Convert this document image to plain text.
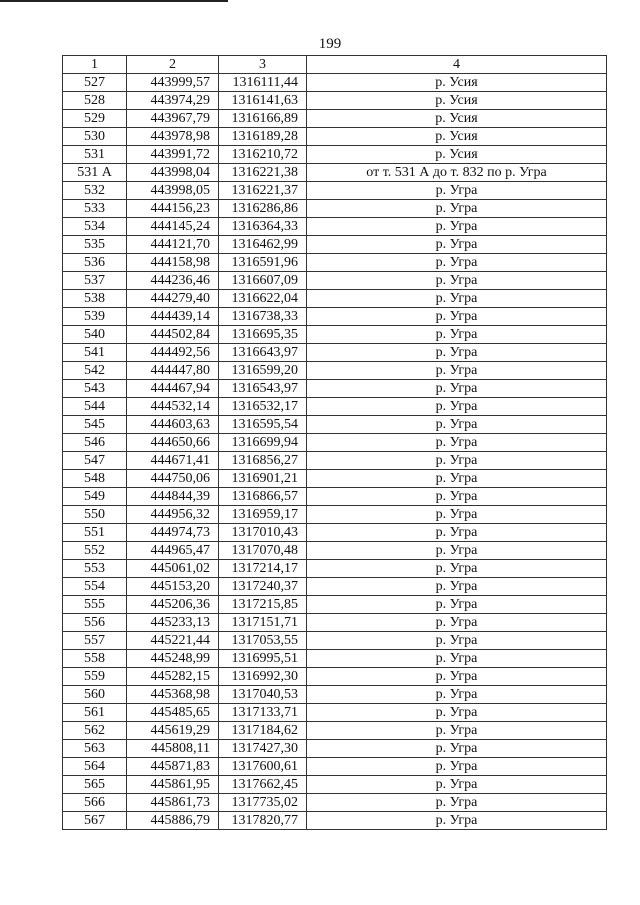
199
1	2	3	4
527	443999,57	1316111,44	р. Усия
528	443974,29	1316141,63	р. Усия
529	443967,79	1316166,89	р. Усия
530	443978,98	1316189,28	р. Усия
531	443991,72	1316210,72	р. Усия
531 А	443998,04	1316221,38	от т. 531 А до т. 832 по р. Угра
532	443998,05	1316221,37	р. Угра
533	444156,23	1316286,86	р. Угра
534	444145,24	1316364,33	р. Угра
535	444121,70	1316462,99	р. Угра
536	444158,98	1316591,96	р. Угра
537	444236,46	1316607,09	р. Угра
538	444279,40	1316622,04	р. Угра
539	444439,14	1316738,33	р. Угра
540	444502,84	1316695,35	р. Угра
541	444492,56	1316643,97	р. Угра
542	444447,80	1316599,20	р. Угра
543	444467,94	1316543,97	р. Угра
544	444532,14	1316532,17	р. Угра
545	444603,63	1316595,54	р. Угра
546	444650,66	1316699,94	р. Угра
547	444671,41	1316856,27	р. Угра
548	444750,06	1316901,21	р. Угра
549	444844,39	1316866,57	р. Угра
550	444956,32	1316959,17	р. Угра
551	444974,73	1317010,43	р. Угра
552	444965,47	1317070,48	р. Угра
553	445061,02	1317214,17	р. Угра
554	445153,20	1317240,37	р. Угра
555	445206,36	1317215,85	р. Угра
556	445233,13	1317151,71	р. Угра
557	445221,44	1317053,55	р. Угра
558	445248,99	1316995,51	р. Угра
559	445282,15	1316992,30	р. Угра
560	445368,98	1317040,53	р. Угра
561	445485,65	1317133,71	р. Угра
562	445619,29	1317184,62	р. Угра
563	445808,11	1317427,30	р. Угра
564	445871,83	1317600,61	р. Угра
565	445861,95	1317662,45	р. Угра
566	445861,73	1317735,02	р. Угра
567	445886,79	1317820,77	р. Угра
